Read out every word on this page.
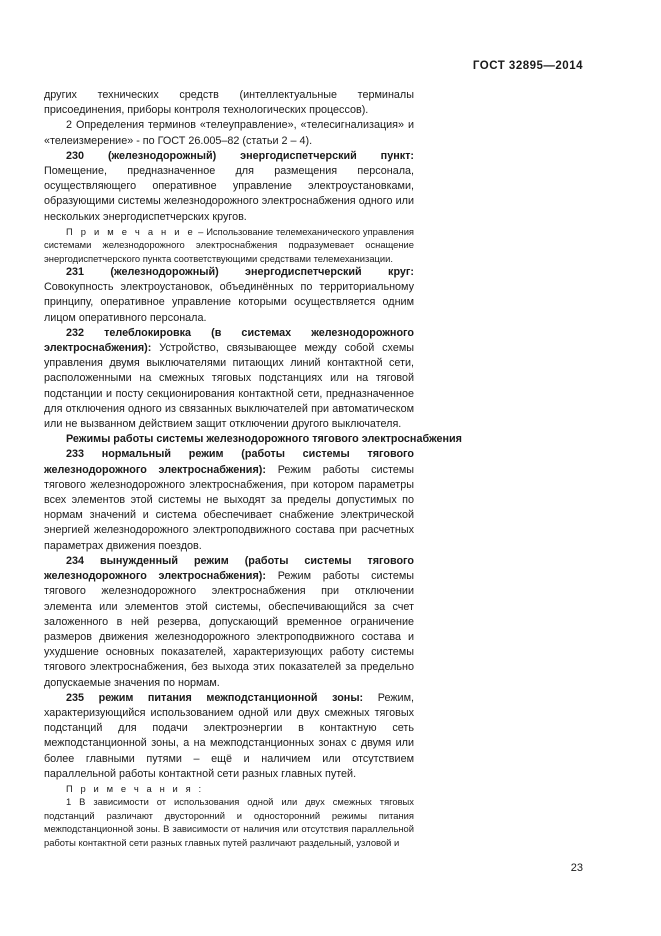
ГОСТ 32895—2014

других технических средств (интеллектуальные терминалы присоединения, приборы контроля технологических процессов).

2 Определения терминов «телеуправление», «телесигнализация» и «телеизмерение» - по ГОСТ 26.005–82 (статьи 2 – 4).

230 (железнодорожный) энергодиспетчерский пункт: Помещение, предназначенное для размещения персонала, осуществляющего оперативное управление электроустановками, образующими системы железнодорожного электроснабжения одного или нескольких энергодиспетчерских кругов.

П р и м е ч а н и е – Использование телемеханического управления системами железнодорожного электроснабжения подразумевает оснащение энергодиспетчерского пункта соответствующими средствами телемеханизации.

231 (железнодорожный) энергодиспетчерский круг: Совокупность электроустановок, объединённых по территориальному принципу, оперативное управление которыми осуществляется одним лицом оперативного персонала.

232 телеблокировка (в системах железнодорожного электроснабжения): Устройство, связывающее между собой схемы управления двумя выключателями питающих линий контактной сети, расположенными на смежных тяговых подстанциях или на тяговой подстанции и посту секционирования контактной сети, предназначенное для отключения одного из связанных выключателей при автоматическом или не вызванном действием защит отключении другого выключателя.

233 нормальный режим (работы системы тягового железнодорожного электроснабжения): Режим работы системы тягового железнодорожного электроснабжения, при котором параметры всех элементов этой системы не выходят за пределы допустимых по нормам значений и система обеспечивает снабжение электрической энергией железнодорожного электроподвижного состава при расчетных параметрах движения поездов.

234 вынужденный режим (работы системы тягового железнодорожного электроснабжения): Режим работы системы тягового железнодорожного электроснабжения при отключении элемента или элементов этой системы, обеспечивающийся за счет заложенного в ней резерва, допускающий временное ограничение размеров движения железнодорожного электроподвижного состава и ухудшение основных показателей, характеризующих работу системы тягового электроснабжения, без выхода этих показателей за предельно допускаемые значения по нормам.

235 режим питания межподстанционной зоны: Режим, характеризующийся использованием одной или двух смежных тяговых подстанций для подачи электроэнергии в контактную сеть межподстанционной зоны, а на межподстанционных зонах с двумя или более главными путями – ещё и наличием или отсутствием параллельной работы контактной сети разных главных путей.

П р и м е ч а н и я :

1 В зависимости от использования одной или двух смежных тяговых подстанций различают двусторонний и односторонний режимы питания межподстанционной зоны. В зависимости от наличия или отсутствия параллельной работы контактной сети разных главных путей различают раздельный, узловой и

Режимы работы системы железнодорожного тягового электроснабжения
23
